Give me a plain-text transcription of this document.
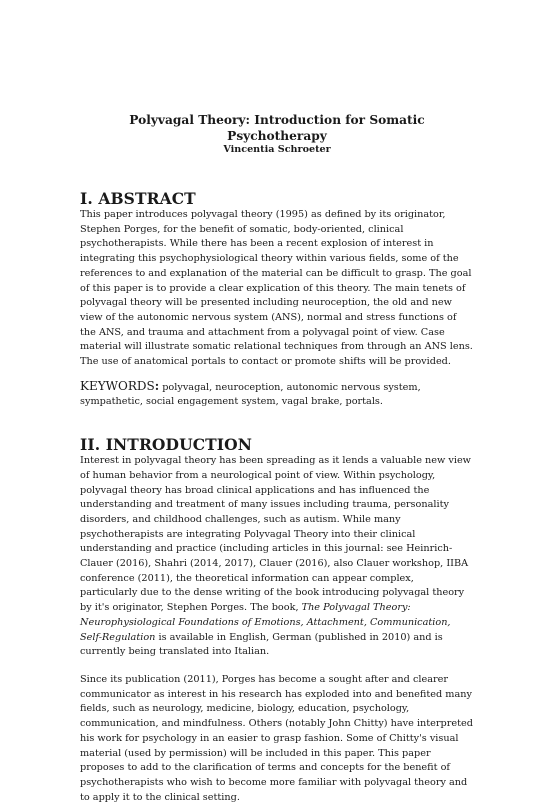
Polyvagal Theory: Introduction for Somatic Psychotherapy

Vincentia Schroeter

I. ABSTRACT

This paper introduces polyvagal theory (1995) as defined by its originator, Stephen Porges, for the benefit of somatic, body-oriented, clinical psychotherapists. While there has been a recent explosion of interest in integrating this psychophysiological theory within various fields, some of the references to and explanation of the material can be difficult to grasp. The goal of this paper is to provide a clear explication of this theory. The main tenets of polyvagal theory will be presented including neuroception, the old and new view of the autonomic nervous system (ANS), normal and stress functions of the ANS, and trauma and attachment from a polyvagal point of view. Case material will illustrate somatic relational techniques from through an ANS lens. The use of anatomical portals to contact or promote shifts will be provided.

KEYWORDS: polyvagal, neuroception, autonomic nervous system, sympathetic, social engagement system, vagal brake, portals.

II. INTRODUCTION

Interest in polyvagal theory has been spreading as it lends a valuable new view of human behavior from a neurological point of view. Within psychology, polyvagal theory has broad clinical applications and has influenced the understanding and treatment of many issues including trauma, personality disorders, and childhood challenges, such as autism. While many psychotherapists are integrating Polyvagal Theory into their clinical understanding and practice (including articles in this journal: see Heinrich-Clauer (2016), Shahri (2014, 2017), Clauer (2016), also Clauer workshop, IIBA conference (2011), the theoretical information can appear complex, particularly due to the dense writing of the book introducing polyvagal theory by it's originator, Stephen Porges. The book, The Polyvagal Theory: Neurophysiological Foundations of Emotions, Attachment, Communication, Self-Regulation is available in English, German (published in 2010) and is currently being translated into Italian.

Since its publication (2011), Porges has become a sought after and clearer communicator as interest in his research has exploded into and benefited many fields, such as neurology, medicine, biology, education, psychology, communication, and mindfulness. Others (notably John Chitty) have interpreted his work for psychology in an easier to grasp fashion. Some of Chitty's visual material (used by permission) will be included in this paper. This paper proposes to add to the clarification of terms and concepts for the benefit of psychotherapists who wish to become more familiar with polyvagal theory and to apply it to the clinical setting.
